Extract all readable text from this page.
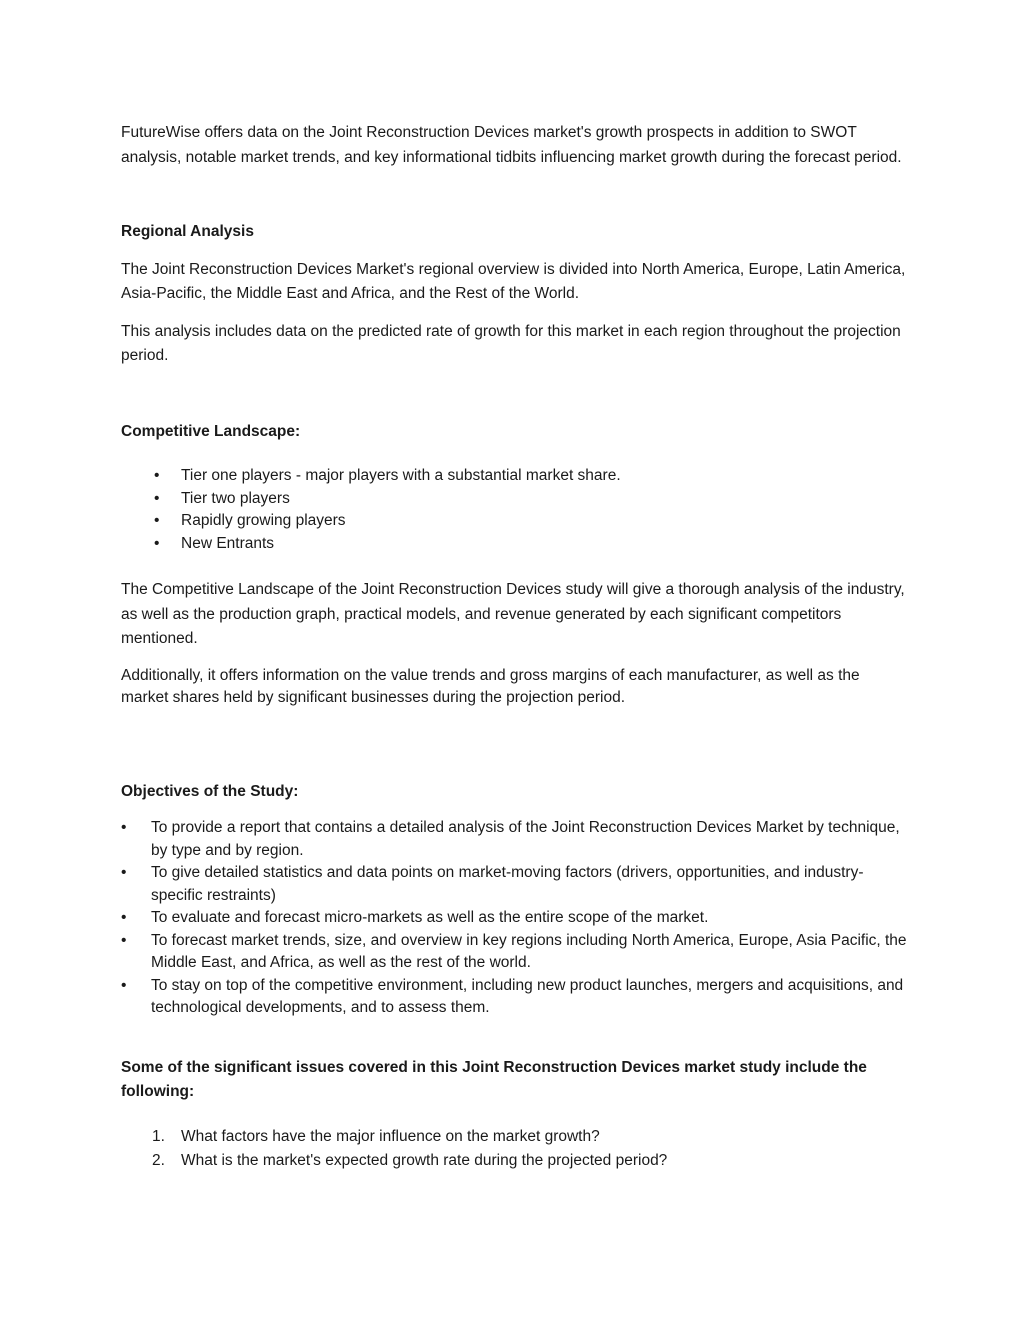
FutureWise offers data on the Joint Reconstruction Devices market's growth prospects in addition to SWOT analysis, notable market trends, and key informational tidbits influencing market growth during the forecast period.

Regional Analysis

The Joint Reconstruction Devices Market's regional overview is divided into North America, Europe, Latin America, Asia-Pacific, the Middle East and Africa, and the Rest of the World.

This analysis includes data on the predicted rate of growth for this market in each region throughout the projection period.

Competitive Landscape:

• Tier one players - major players with a substantial market share.
• Tier two players
• Rapidly growing players
• New Entrants

The Competitive Landscape of the Joint Reconstruction Devices study will give a thorough analysis of the industry, as well as the production graph, practical models, and revenue generated by each significant competitors mentioned.

Additionally, it offers information on the value trends and gross margins of each manufacturer, as well as the market shares held by significant businesses during the projection period.

Objectives of the Study:

• To provide a report that contains a detailed analysis of the Joint Reconstruction Devices Market by technique, by type and by region.
• To give detailed statistics and data points on market-moving factors (drivers, opportunities, and industry-specific restraints)
• To evaluate and forecast micro-markets as well as the entire scope of the market.
• To forecast market trends, size, and overview in key regions including North America, Europe, Asia Pacific, the Middle East, and Africa, as well as the rest of the world.
• To stay on top of the competitive environment, including new product launches, mergers and acquisitions, and technological developments, and to assess them.

Some of the significant issues covered in this Joint Reconstruction Devices market study include the following:

1. What factors have the major influence on the market growth?
2. What is the market's expected growth rate during the projected period?
